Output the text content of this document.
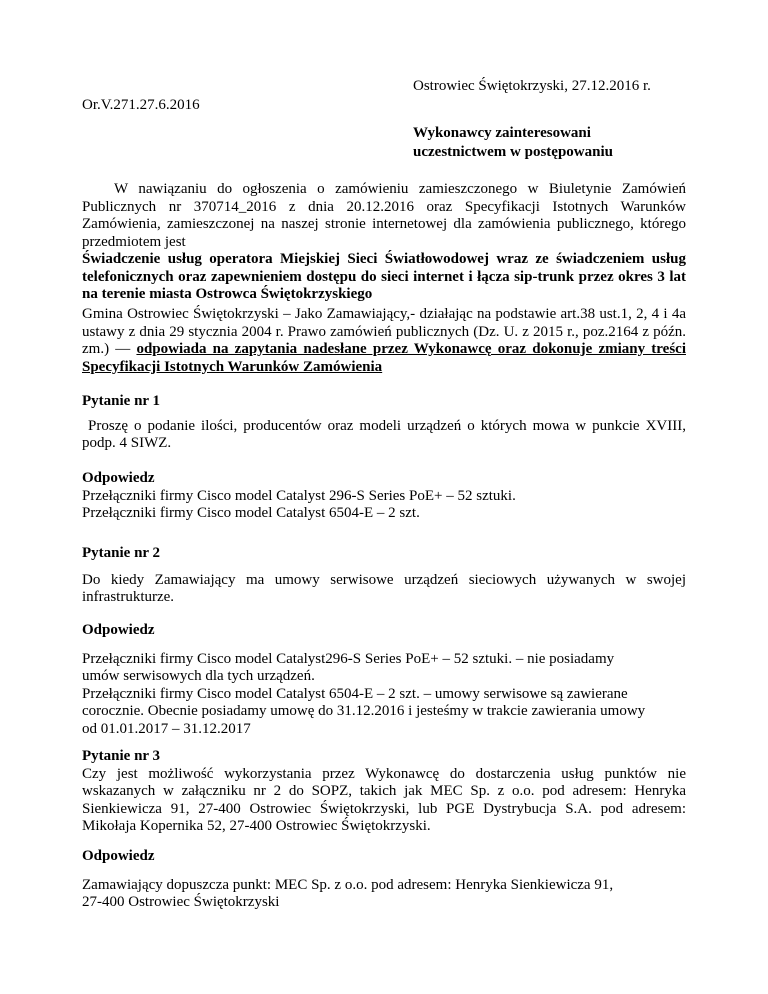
Ostrowiec Świętokrzyski, 27.12.2016 r.
Or.V.271.27.6.2016
Wykonawcy zainteresowani
uczestnictwem w postępowaniu

W nawiązaniu do ogłoszenia o zamówieniu zamieszczonego w Biuletynie Zamówień Publicznych nr 370714_2016 z dnia 20.12.2016 oraz Specyfikacji Istotnych Warunków Zamówienia, zamieszczonej na naszej stronie internetowej dla zamówienia publicznego, którego przedmiotem jest

Świadczenie usług operatora Miejskiej Sieci Światłowodowej wraz ze świadczeniem usług telefonicznych oraz zapewnieniem dostępu do sieci internet i łącza sip-trunk przez okres 3 lat na terenie miasta Ostrowca Świętokrzyskiego

Gmina Ostrowiec Świętokrzyski – Jako Zamawiający,- działając na podstawie art.38 ust.1, 2, 4 i 4a ustawy z dnia 29 stycznia 2004 r. Prawo zamówień publicznych (Dz. U. z 2015 r., poz.2164 z późn. zm.) — odpowiada na zapytania nadesłane przez Wykonawcę oraz dokonuje zmiany treści Specyfikacji Istotnych Warunków Zamówienia

Pytanie nr 1

Proszę o podanie ilości, producentów oraz modeli urządzeń o których mowa w punkcie XVIII, podp. 4 SIWZ.

Odpowiedz

Przełączniki firmy Cisco model Catalyst 296-S Series PoE+ – 52 sztuki.

Przełączniki firmy Cisco model Catalyst 6504-E – 2 szt.

Pytanie nr 2

Do kiedy Zamawiający ma umowy serwisowe urządzeń sieciowych używanych w swojej infrastrukturze.

Odpowiedz

Przełączniki firmy Cisco model Catalyst296-S Series PoE+ – 52 sztuki. – nie posiadamy

umów serwisowych dla tych urządzeń.

Przełączniki firmy Cisco model Catalyst 6504-E – 2 szt. – umowy serwisowe są zawierane

corocznie. Obecnie posiadamy umowę do 31.12.2016 i jesteśmy w trakcie zawierania umowy

od 01.01.2017 – 31.12.2017

Pytanie nr 3

Czy jest możliwość wykorzystania przez Wykonawcę do dostarczenia usług punktów nie wskazanych w załączniku nr 2 do SOPZ, takich jak MEC Sp. z o.o. pod adresem: Henryka Sienkiewicza 91, 27-400 Ostrowiec Świętokrzyski, lub PGE Dystrybucja S.A. pod adresem: Mikołaja Kopernika 52, 27-400 Ostrowiec Świętokrzyski.

Odpowiedz

Zamawiający dopuszcza punkt: MEC Sp. z o.o. pod adresem: Henryka Sienkiewicza 91,

27-400 Ostrowiec Świętokrzyski
